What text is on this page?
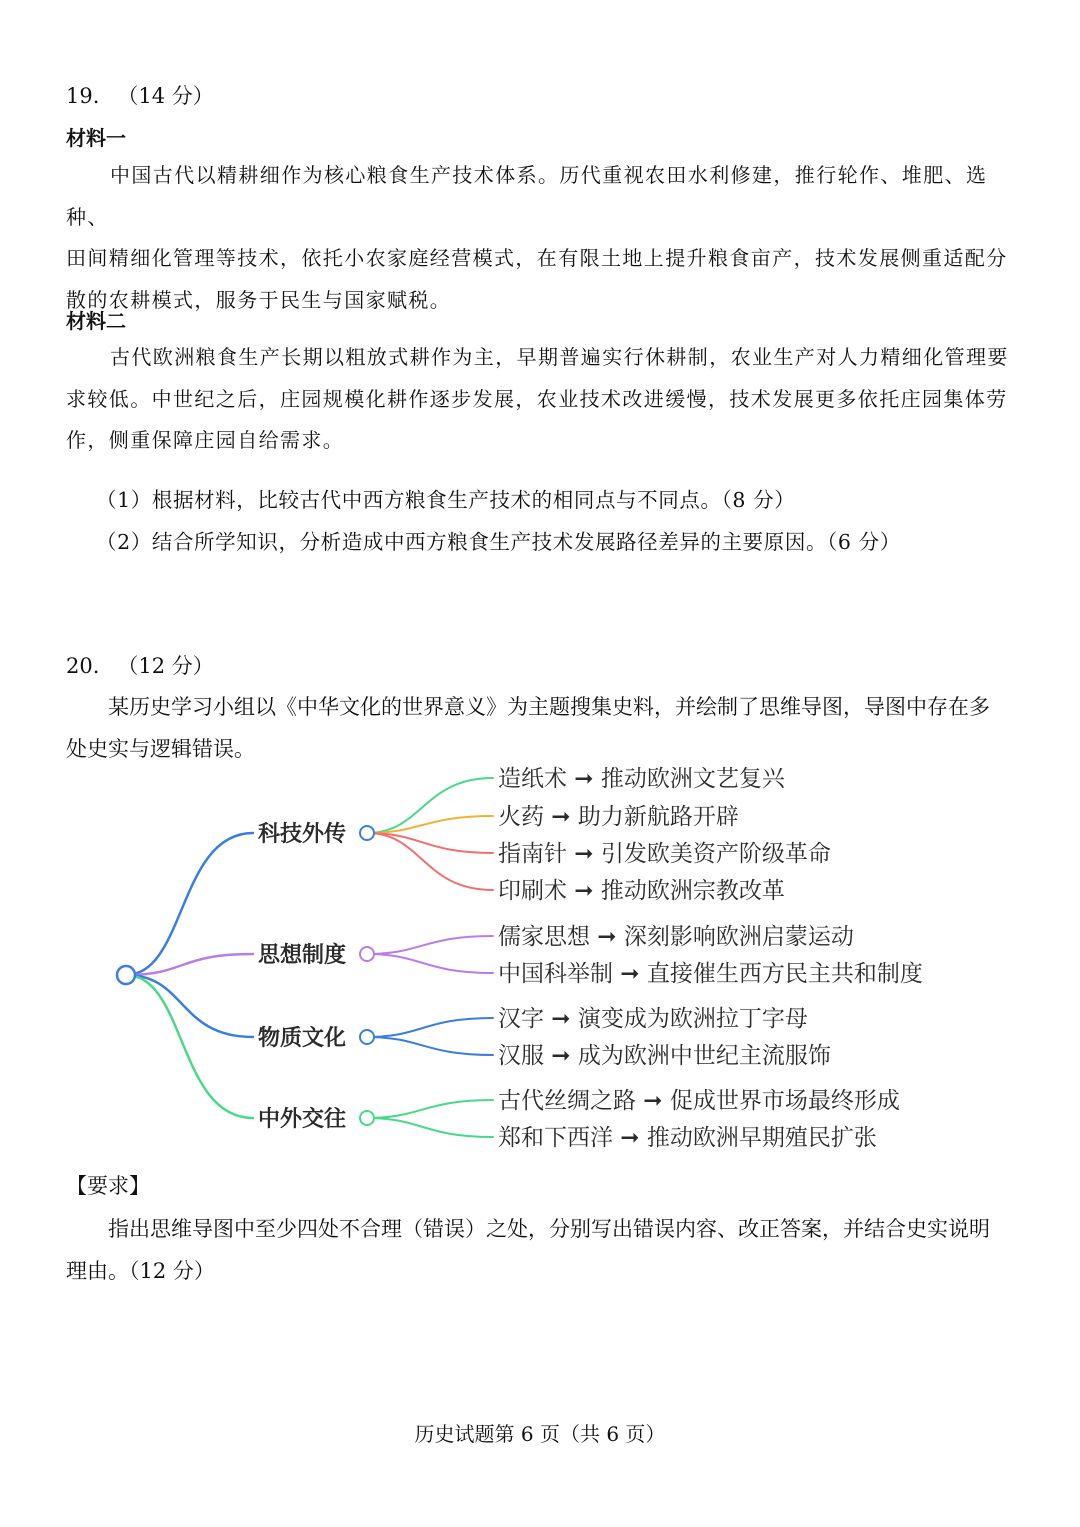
19. （14 分）
材料一
中国古代以精耕细作为核心粮食生产技术体系。历代重视农田水利修建，推行轮作、堆肥、选种、
田间精细化管理等技术，依托小农家庭经营模式，在有限土地上提升粮食亩产，技术发展侧重适配分
散的农耕模式，服务于民生与国家赋税。
材料二
古代欧洲粮食生产长期以粗放式耕作为主，早期普遍实行休耕制，农业生产对人力精细化管理要
求较低。中世纪之后，庄园规模化耕作逐步发展，农业技术改进缓慢，技术发展更多依托庄园集体劳
作，侧重保障庄园自给需求。
（1）根据材料，比较古代中西方粮食生产技术的相同点与不同点。（8 分）
（2）结合所学知识，分析造成中西方粮食生产技术发展路径差异的主要原因。（6 分）
20. （12 分）
某历史学习小组以《中华文化的世界意义》为主题搜集史料，并绘制了思维导图，导图中存在多
处史实与逻辑错误。
科技外传
造纸术 ➞ 推动欧洲文艺复兴
火药 ➞ 助力新航路开辟
指南针 ➞ 引发欧美资产阶级革命
印刷术 ➞ 推动欧洲宗教改革
思想制度
儒家思想 ➞ 深刻影响欧洲启蒙运动
中国科举制 ➞ 直接催生西方民主共和制度
物质文化
汉字 ➞ 演变成为欧洲拉丁字母
汉服 ➞ 成为欧洲中世纪主流服饰
中外交往
古代丝绸之路 ➞ 促成世界市场最终形成
郑和下西洋 ➞ 推动欧洲早期殖民扩张
【要求】
指出思维导图中至少四处不合理（错误）之处，分别写出错误内容、改正答案，并结合史实说明
理由。（12 分）
历史试题第 6 页（共 6 页）
